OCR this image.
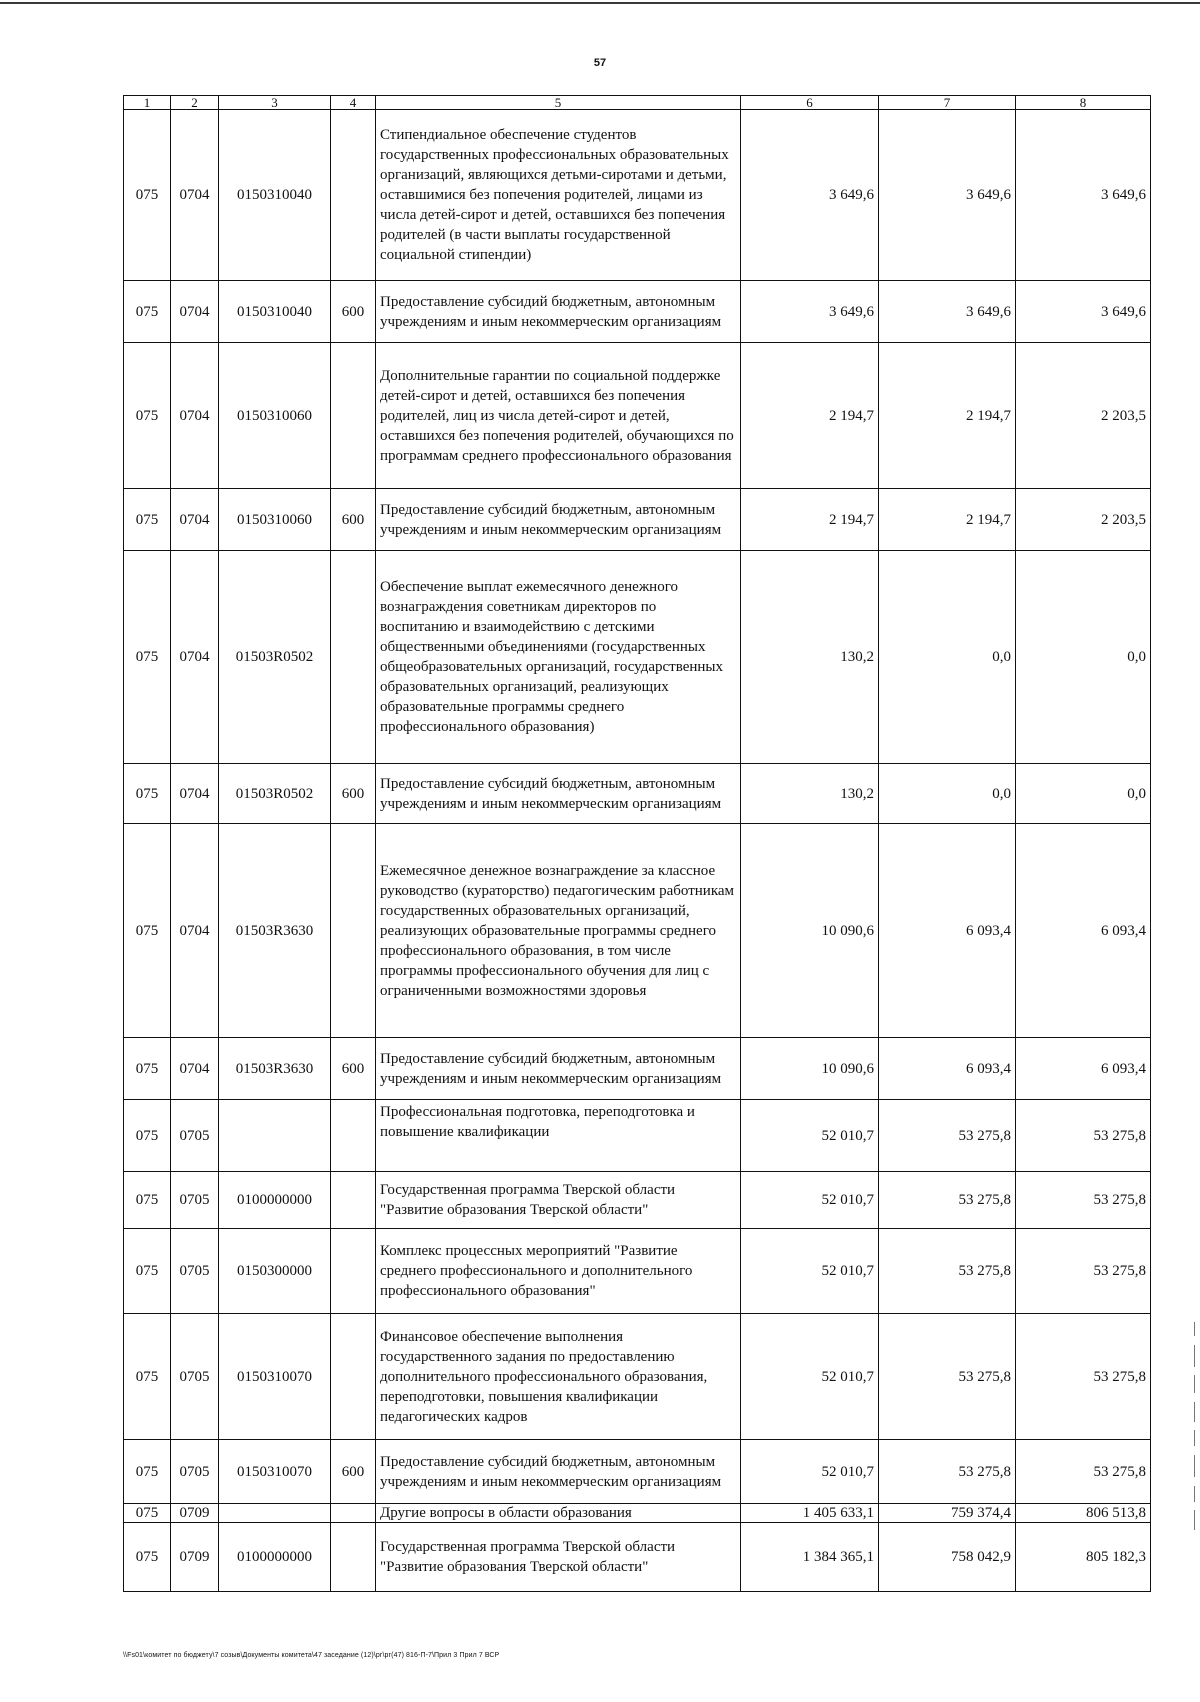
57
1	2	3	4	5	6	7	8
075	0704	0150310040		Стипендиальное обеспечение студентов государственных профессиональных образовательных организаций, являющихся детьми-сиротами и детьми, оставшимися без попечения родителей, лицами из числа детей-сирот и детей, оставшихся без попечения родителей (в части выплаты государственной социальной стипендии)	3 649,6	3 649,6	3 649,6
075	0704	0150310040	600	Предоставление субсидий бюджетным, автономным учреждениям и иным некоммерческим организациям	3 649,6	3 649,6	3 649,6
075	0704	0150310060		Дополнительные гарантии по социальной поддержке детей-сирот и детей, оставшихся без попечения родителей, лиц из числа детей-сирот и детей, оставшихся без попечения родителей, обучающихся по программам среднего профессионального образования	2 194,7	2 194,7	2 203,5
075	0704	0150310060	600	Предоставление субсидий бюджетным, автономным учреждениям и иным некоммерческим организациям	2 194,7	2 194,7	2 203,5
075	0704	01503R0502		Обеспечение выплат ежемесячного денежного вознаграждения советникам директоров по воспитанию и взаимодействию с детскими общественными объединениями (государственных общеобразовательных организаций, государственных образовательных организаций, реализующих образовательные программы среднего профессионального образования)	130,2	0,0	0,0
075	0704	01503R0502	600	Предоставление субсидий бюджетным, автономным учреждениям и иным некоммерческим организациям	130,2	0,0	0,0
075	0704	01503R3630		Ежемесячное денежное вознаграждение за классное руководство (кураторство) педагогическим работникам государственных образовательных организаций, реализующих образовательные программы среднего профессионального образования, в том числе программы профессионального обучения для лиц с ограниченными возможностями здоровья	10 090,6	6 093,4	6 093,4
075	0704	01503R3630	600	Предоставление субсидий бюджетным, автономным учреждениям и иным некоммерческим организациям	10 090,6	6 093,4	6 093,4
075	0705			Профессиональная подготовка, переподготовка и повышение квалификации	52 010,7	53 275,8	53 275,8
075	0705	0100000000		Государственная программа Тверской области "Развитие образования Тверской области"	52 010,7	53 275,8	53 275,8
075	0705	0150300000		Комплекс процессных мероприятий "Развитие среднего профессионального и дополнительного профессионального образования"	52 010,7	53 275,8	53 275,8
075	0705	0150310070		Финансовое обеспечение выполнения государственного задания по предоставлению дополнительного профессионального образования, переподготовки, повышения квалификации педагогических кадров	52 010,7	53 275,8	53 275,8
075	0705	0150310070	600	Предоставление субсидий бюджетным, автономным учреждениям и иным некоммерческим организациям	52 010,7	53 275,8	53 275,8
075	0709			Другие вопросы в области образования	1 405 633,1	759 374,4	806 513,8
075	0709	0100000000		Государственная программа Тверской области "Развитие образования Тверской области"	1 384 365,1	758 042,9	805 182,3
\\Fs01\комитет по бюджету\7 созыв\Документы комитета\47 заседание (12)\рг\рг(47) 816-П-7\Прил 3 Прил 7 ВСР
